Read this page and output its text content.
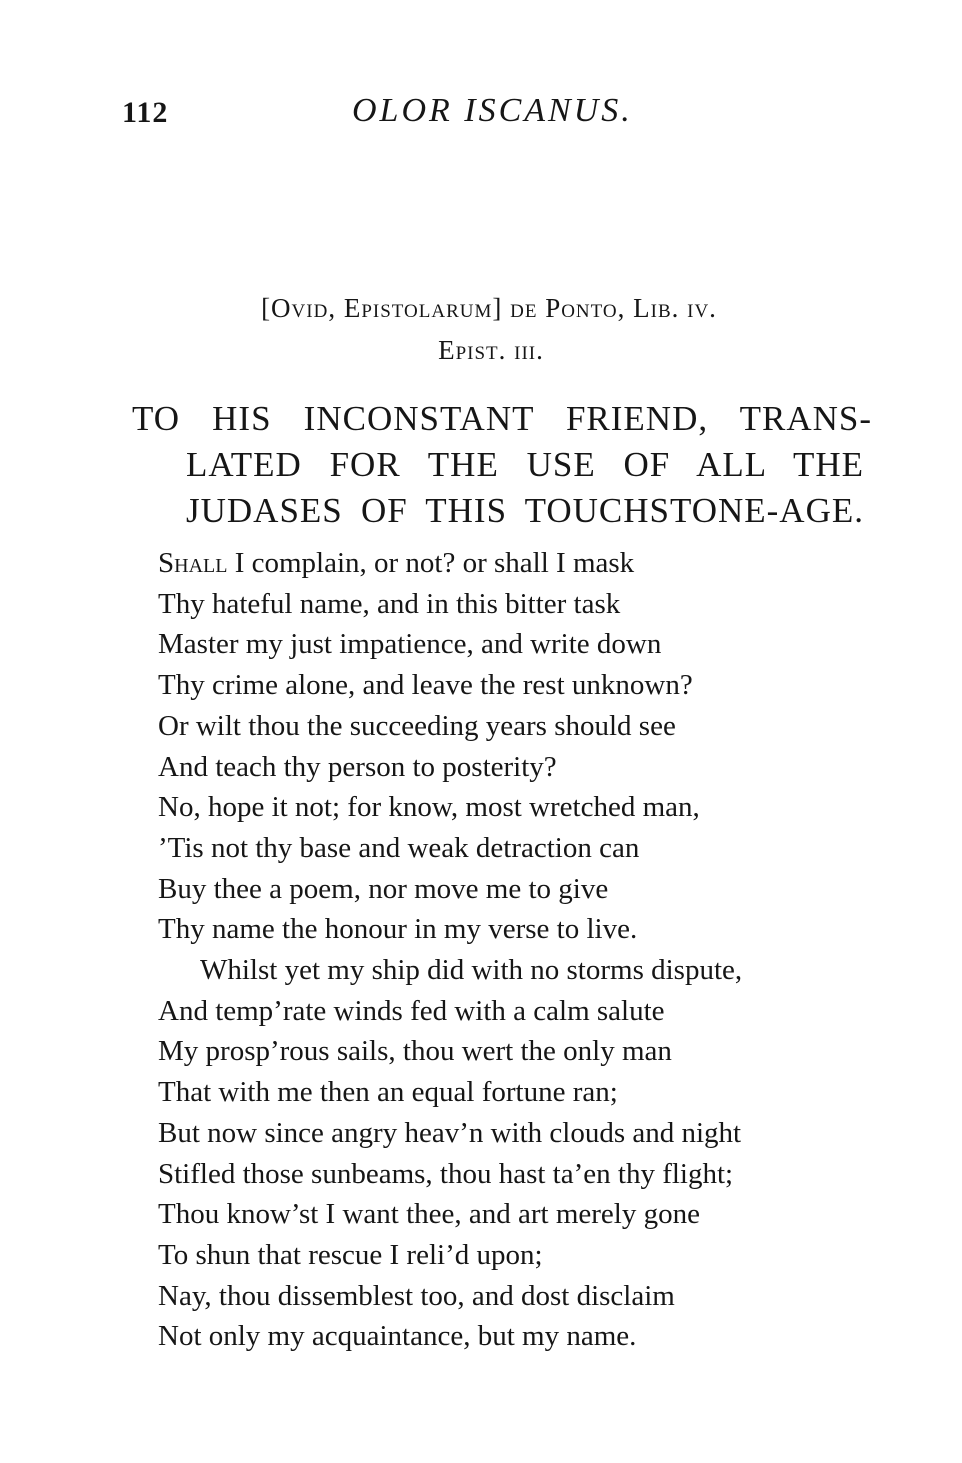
112	OLOR ISCANUS.
[Ovid, Epistolarum] de Ponto, Lib. iv.
Epist. iii.
TO HIS INCONSTANT FRIEND, TRANS-
LATED FOR THE USE OF ALL THE
JUDASES OF THIS TOUCHSTONE-AGE.
Shall I complain, or not? or shall I mask
Thy hateful name, and in this bitter task
Master my just impatience, and write down
Thy crime alone, and leave the rest unknown?
Or wilt thou the succeeding years should see
And teach thy person to posterity?
No, hope it not; for know, most wretched man,
’Tis not thy base and weak detraction can
Buy thee a poem, nor move me to give
Thy name the honour in my verse to live.
Whilst yet my ship did with no storms dispute,
And temp’rate winds fed with a calm salute
My prosp’rous sails, thou wert the only man
That with me then an equal fortune ran;
But now since angry heav’n with clouds and night
Stifled those sunbeams, thou hast ta’en thy flight;
Thou know’st I want thee, and art merely gone
To shun that rescue I reli’d upon;
Nay, thou dissemblest too, and dost disclaim
Not only my acquaintance, but my name.
